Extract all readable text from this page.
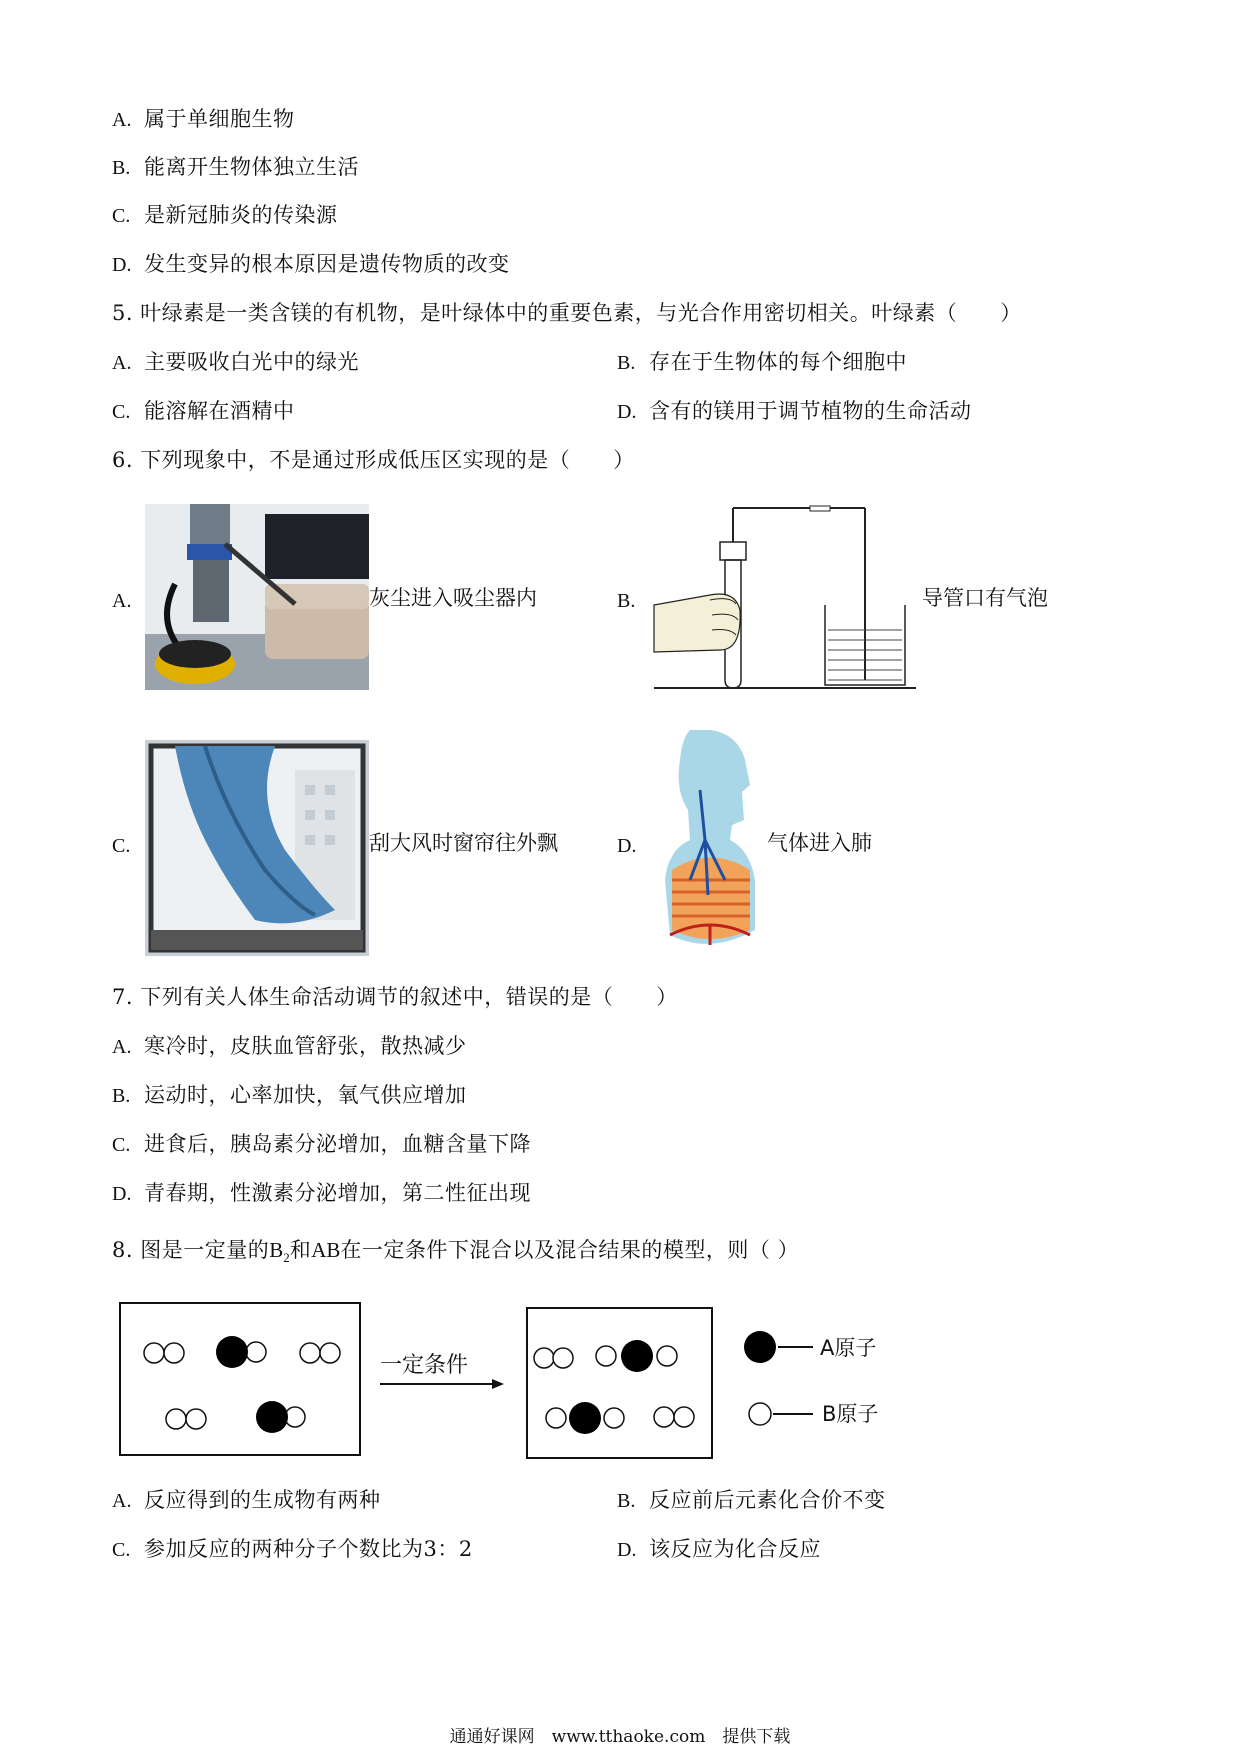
A. 属于单细胞生物
B. 能离开生物体独立生活
C. 是新冠肺炎的传染源
D. 发生变异的根本原因是遗传物质的改变
5. 叶绿素是一类含镁的有机物，是叶绿体中的重要色素，与光合作用密切相关。叶绿素（　　）
A. 主要吸收白光中的绿光	B. 存在于生物体的每个细胞中
C. 能溶解在酒精中	D. 含有的镁用于调节植物的生命活动
6. 下列现象中，不是通过形成低压区实现的是（　　）
A.	灰尘进入吸尘器内	B.	导管口有气泡
C.	刮大风时窗帘往外飘	D.	气体进入肺
7. 下列有关人体生命活动调节的叙述中，错误的是（　　）
A. 寒冷时，皮肤血管舒张，散热减少
B. 运动时，心率加快，氧气供应增加
C. 进食后，胰岛素分泌增加，血糖含量下降
D. 青春期，性激素分泌增加，第二性征出现
8. 图是一定量的$B_2$和AB在一定条件下混合以及混合结果的模型，则（ ）
一定条件
A原子
B原子
A. 反应得到的生成物有两种	B. 反应前后元素化合价不变
C. 参加反应的两种分子个数比为3：2	D. 该反应为化合反应
通通好课网　www.tthaoke.com　提供下载
